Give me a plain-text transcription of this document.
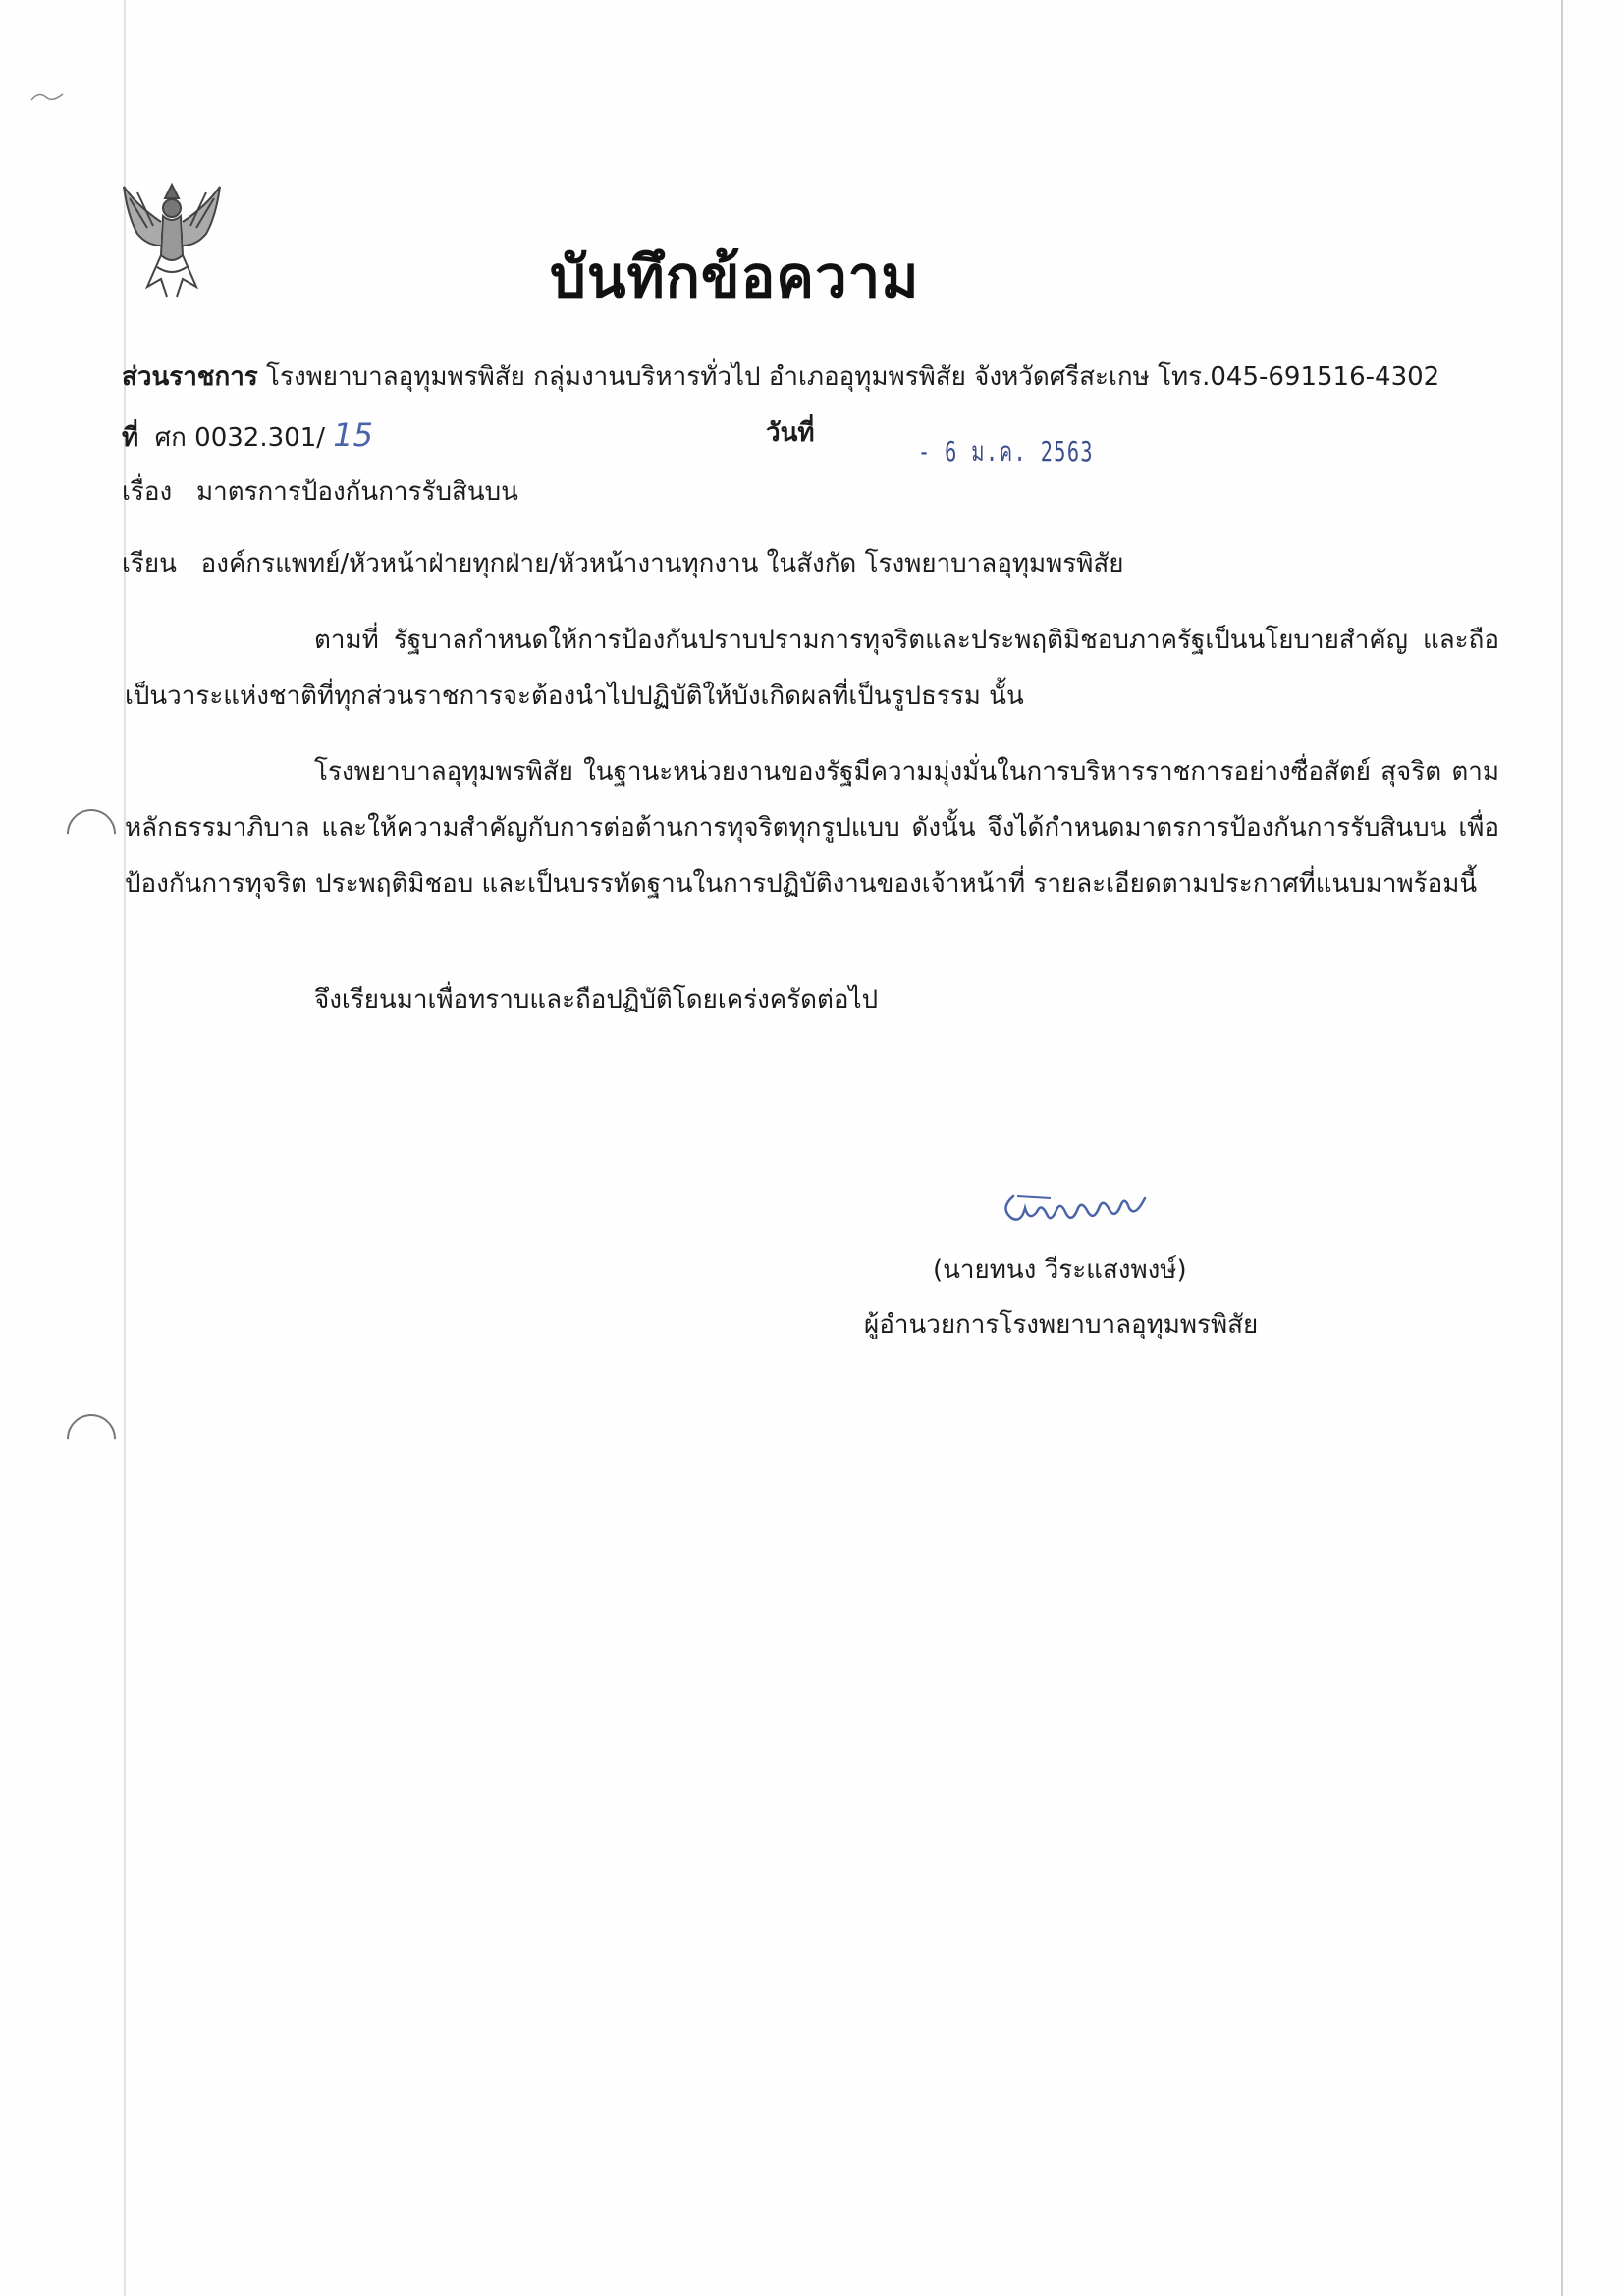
บันทึกข้อความ
ส่วนราชการ โรงพยาบาลอุทุมพรพิสัย กลุ่มงานบริหารทั่วไป อำเภออุทุมพรพิสัย จังหวัดศรีสะเกษ โทร.045-691516-4302
ที่ ศก 0032.301/ 15	วันที่
- 6 ม.ค. 2563
เรื่อง มาตรการป้องกันการรับสินบน
เรียน องค์กรแพทย์/หัวหน้าฝ่ายทุกฝ่าย/หัวหน้างานทุกงาน ในสังกัด โรงพยาบาลอุทุมพรพิสัย
ตามที่ รัฐบาลกำหนดให้การป้องกันปราบปรามการทุจริตและประพฤติมิชอบภาครัฐเป็นนโยบายสำคัญ และถือเป็นวาระแห่งชาติที่ทุกส่วนราชการจะต้องนำไปปฏิบัติให้บังเกิดผลที่เป็นรูปธรรม นั้น
โรงพยาบาลอุทุมพรพิสัย ในฐานะหน่วยงานของรัฐมีความมุ่งมั่นในการบริหารราชการอย่างซื่อสัตย์ สุจริต ตามหลักธรรมาภิบาล และให้ความสำคัญกับการต่อต้านการทุจริตทุกรูปแบบ ดังนั้น จึงได้กำหนดมาตรการป้องกันการรับสินบน เพื่อป้องกันการทุจริต ประพฤติมิชอบ และเป็นบรรทัดฐานในการปฏิบัติงานของเจ้าหน้าที่ รายละเอียดตามประกาศที่แนบมาพร้อมนี้
จึงเรียนมาเพื่อทราบและถือปฏิบัติโดยเคร่งครัดต่อไป
(นายทนง วีระแสงพงษ์)
ผู้อำนวยการโรงพยาบาลอุทุมพรพิสัย
